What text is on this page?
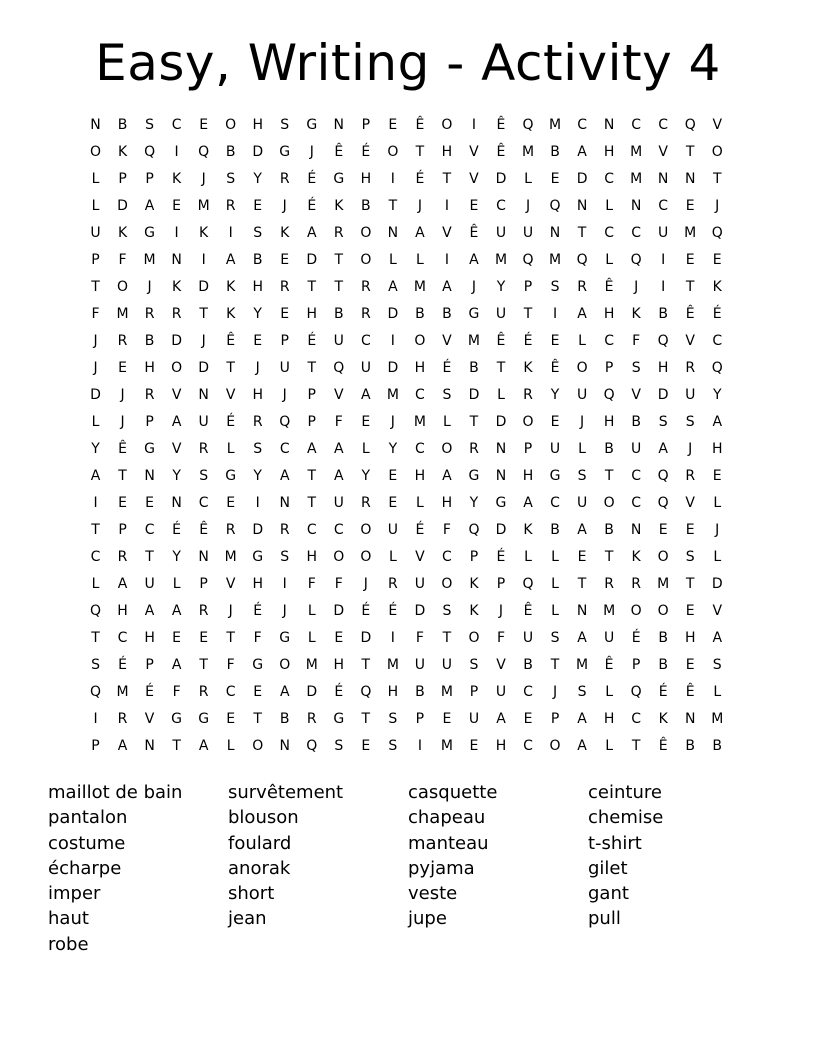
Easy, Writing - Activity 4
N	B	S	C	E	O	H	S	G	N	P	E	Ê	O	I	Ê	Q	M	C	N	C	C	Q	V
O	K	Q	I	Q	B	D	G	J	Ê	É	O	T	H	V	Ê	M	B	A	H	M	V	T	O
L	P	P	K	J	S	Y	R	É	G	H	I	É	T	V	D	L	E	D	C	M	N	N	T
L	D	A	E	M	R	E	J	É	K	B	T	J	I	E	C	J	Q	N	L	N	C	E	J
U	K	G	I	K	I	S	K	A	R	O	N	A	V	Ê	U	U	N	T	C	C	U	M	Q
P	F	M	N	I	A	B	E	D	T	O	L	L	I	A	M	Q	M	Q	L	Q	I	E	E
T	O	J	K	D	K	H	R	T	T	R	A	M	A	J	Y	P	S	R	Ê	J	I	T	K
F	M	R	R	T	K	Y	E	H	B	R	D	B	B	G	U	T	I	A	H	K	B	Ê	É
J	R	B	D	J	Ê	E	P	É	U	C	I	O	V	M	Ê	É	E	L	C	F	Q	V	C
J	E	H	O	D	T	J	U	T	Q	U	D	H	É	B	T	K	Ê	O	P	S	H	R	Q
D	J	R	V	N	V	H	J	P	V	A	M	C	S	D	L	R	Y	U	Q	V	D	U	Y
L	J	P	A	U	É	R	Q	P	F	E	J	M	L	T	D	O	E	J	H	B	S	S	A
Y	Ê	G	V	R	L	S	C	A	A	L	Y	C	O	R	N	P	U	L	B	U	A	J	H
A	T	N	Y	S	G	Y	A	T	A	Y	E	H	A	G	N	H	G	S	T	C	Q	R	E
I	E	E	N	C	E	I	N	T	U	R	E	L	H	Y	G	A	C	U	O	C	Q	V	L
T	P	C	É	Ê	R	D	R	C	C	O	U	É	F	Q	D	K	B	A	B	N	E	E	J
C	R	T	Y	N	M	G	S	H	O	O	L	V	C	P	É	L	L	E	T	K	O	S	L
L	A	U	L	P	V	H	I	F	F	J	R	U	O	K	P	Q	L	T	R	R	M	T	D
Q	H	A	A	R	J	É	J	L	D	É	É	D	S	K	J	Ê	L	N	M	O	O	E	V
T	C	H	E	E	T	F	G	L	E	D	I	F	T	O	F	U	S	A	U	É	B	H	A
S	É	P	A	T	F	G	O	M	H	T	M	U	U	S	V	B	T	M	Ê	P	B	E	S
Q	M	É	F	R	C	E	A	D	É	Q	H	B	M	P	U	C	J	S	L	Q	É	Ê	L
I	R	V	G	G	E	T	B	R	G	T	S	P	E	U	A	E	P	A	H	C	K	N	M
P	A	N	T	A	L	O	N	Q	S	E	S	I	M	E	H	C	O	A	L	T	Ê	B	B
maillot de bain	survêtement	casquette	ceinture
pantalon	blouson	chapeau	chemise
costume	foulard	manteau	t-shirt
écharpe	anorak	pyjama	gilet
imper	short	veste	gant
haut	jean	jupe	pull
robe
